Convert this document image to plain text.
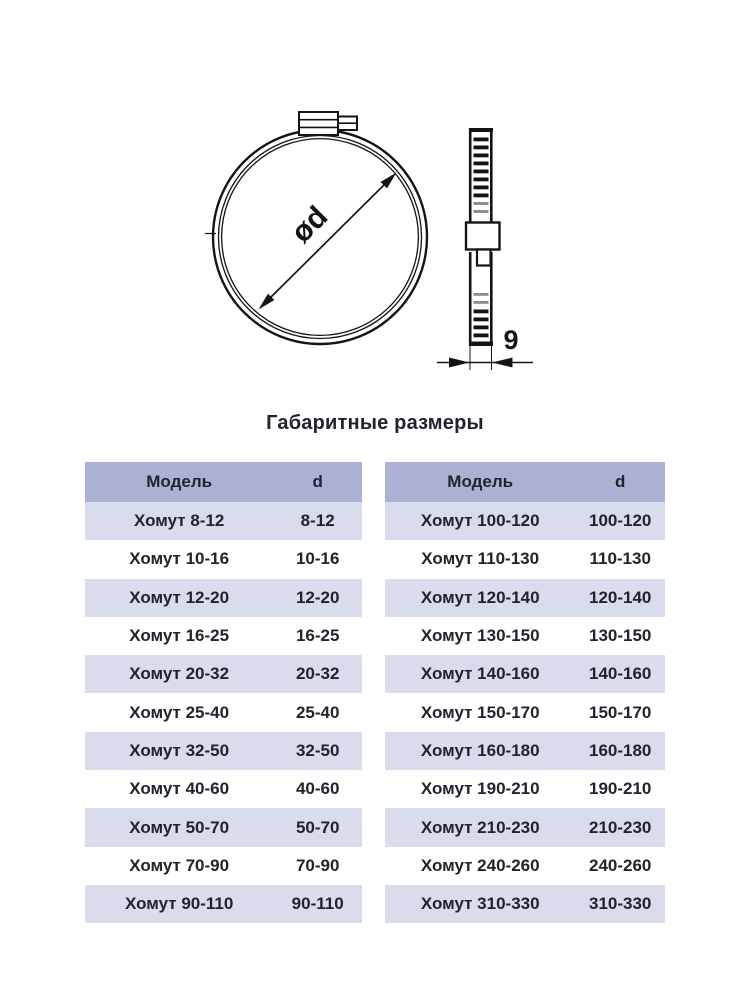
ød
9
Габаритные размеры
Модель	d
Хомут 8-12	8-12
Хомут 10-16	10-16
Хомут 12-20	12-20
Хомут 16-25	16-25
Хомут 20-32	20-32
Хомут 25-40	25-40
Хомут 32-50	32-50
Хомут 40-60	40-60
Хомут 50-70	50-70
Хомут 70-90	70-90
Хомут 90-110	90-110
Модель	d
Хомут 100-120	100-120
Хомут 110-130	110-130
Хомут 120-140	120-140
Хомут 130-150	130-150
Хомут 140-160	140-160
Хомут 150-170	150-170
Хомут 160-180	160-180
Хомут 190-210	190-210
Хомут 210-230	210-230
Хомут 240-260	240-260
Хомут 310-330	310-330
